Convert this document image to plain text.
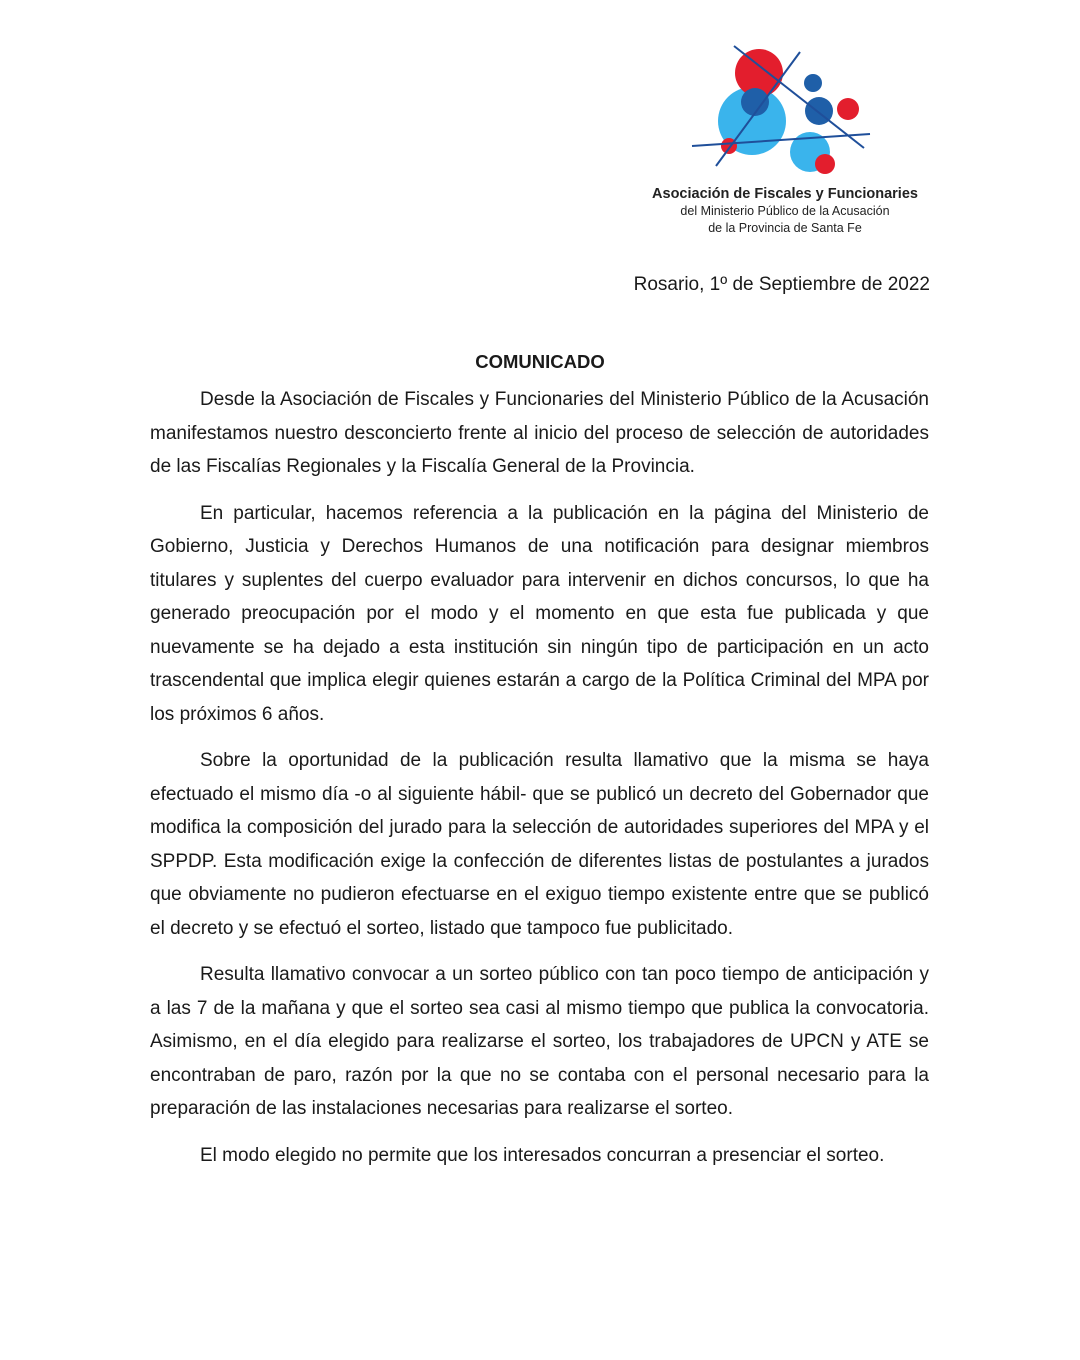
Asociación de Fiscales y Funcionaries
del Ministerio Público de la Acusación
de la Provincia de Santa Fe
Rosario, 1º de Septiembre de 2022
COMUNICADO

Desde la Asociación de Fiscales y Funcionaries del Ministerio Público de la Acusación manifestamos nuestro desconcierto frente al inicio del proceso de selección de autoridades de las Fiscalías Regionales y la Fiscalía General de la Provincia.

En particular, hacemos referencia a la publicación en la página del Ministerio de Gobierno, Justicia y Derechos Humanos de una notificación para designar miembros titulares y suplentes del cuerpo evaluador para intervenir en dichos concursos, lo que ha generado preocupación por el modo y el momento en que esta fue publicada y que nuevamente se ha dejado a esta institución sin ningún tipo de participación en un acto trascendental que implica elegir quienes estarán a cargo de la Política Criminal del MPA por los próximos 6 años.

Sobre la oportunidad de la publicación resulta llamativo que la misma se haya efectuado el mismo día -o al siguiente hábil- que se publicó un decreto del Gobernador que modifica la composición del jurado para la selección de autoridades superiores del MPA y el SPPDP. Esta modificación exige la confección de diferentes listas de postulantes a jurados que obviamente no pudieron efectuarse en el exiguo tiempo existente entre que se publicó el decreto y se efectuó el sorteo, listado que tampoco fue publicitado.

Resulta llamativo convocar a un sorteo público con tan poco tiempo de anticipación y a las 7 de la mañana y que el sorteo sea casi al mismo tiempo que publica la convocatoria. Asimismo, en el día elegido para realizarse el sorteo, los trabajadores de UPCN y ATE se encontraban de paro, razón por la que no se contaba con el personal necesario para la preparación de las instalaciones necesarias para realizarse el sorteo.

El modo elegido no permite que los interesados concurran a presenciar el sorteo.
